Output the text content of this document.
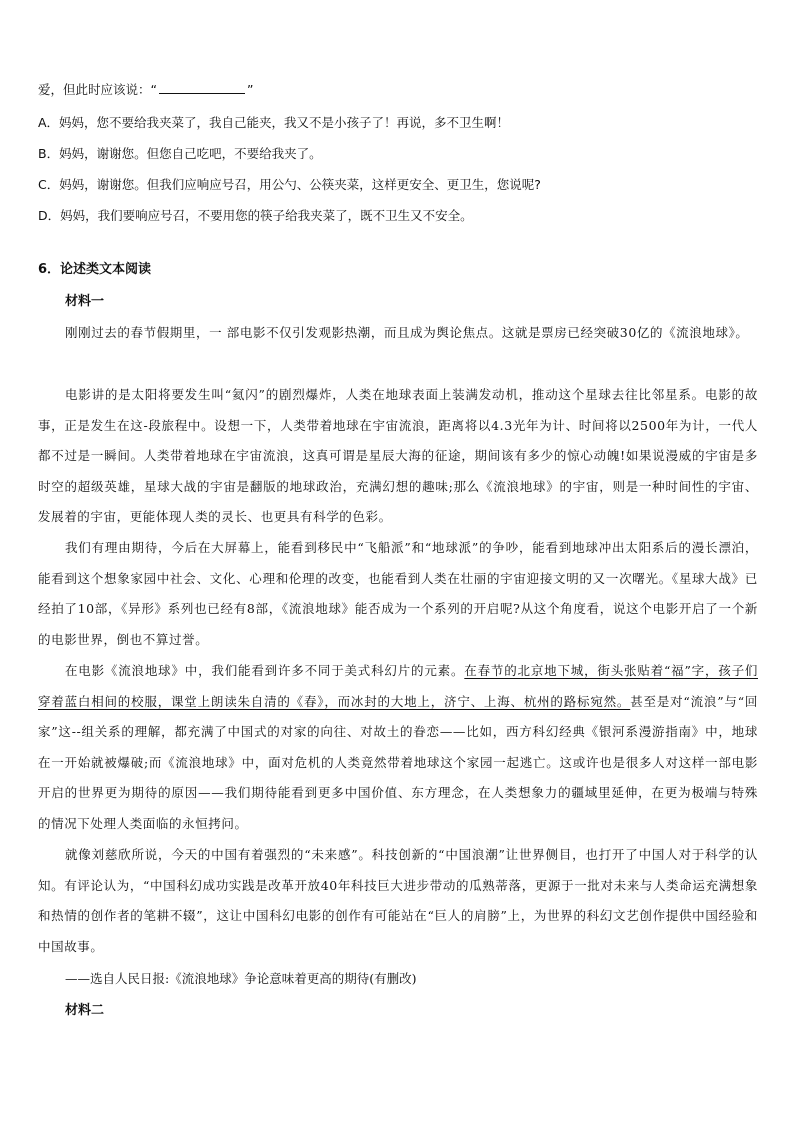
爱，但此时应该说：“	”
A．妈妈，您不要给我夹菜了，我自己能夹，我又不是小孩子了！再说，多不卫生啊！
B．妈妈，谢谢您。但您自己吃吧，不要给我夹了。
C．妈妈，谢谢您。但我们应响应号召，用公勺、公筷夹菜，这样更安全、更卫生，您说呢?
D．妈妈，我们要响应号召，不要用您的筷子给我夹菜了，既不卫生又不安全。
6．论述类文本阅读
材料一
刚刚过去的春节假期里，一 部电影不仅引发观影热潮，而且成为舆论焦点。这就是票房已经突破30亿的《流浪地球》。
电影讲的是太阳将要发生叫“氦闪”的剧烈爆炸，人类在地球表面上装满发动机，推动这个星球去往比邻星系。电影的故事，正是发生在这-段旅程中。设想一下，人类带着地球在宇宙流浪，距离将以4.3光年为计、时间将以2500年为计，一代人都不过是一瞬间。人类带着地球在宇宙流浪，这真可谓是星辰大海的征途，期间该有多少的惊心动魄!如果说漫威的宇宙是多时空的超级英雄，星球大战的宇宙是翻版的地球政治，充满幻想的趣味;那么《流浪地球》的宇宙，则是一种时间性的宇宙、发展着的宇宙，更能体现人类的灵长、也更具有科学的色彩。
我们有理由期待，今后在大屏幕上，能看到移民中“飞船派”和“地球派”的争吵，能看到地球冲出太阳系后的漫长漂泊，能看到这个想象家园中社会、文化、心理和伦理的改变，也能看到人类在壮丽的宇宙迎接文明的又一次曙光。《星球大战》已经拍了10部，《异形》系列也已经有8部，《流浪地球》能否成为一个系列的开启呢?从这个角度看，说这个电影开启了一个新的电影世界，倒也不算过誉。
在电影《流浪地球》中，我们能看到许多不同于美式科幻片的元素。在春节的北京地下城，街头张贴着“福”字，孩子们穿着蓝白相间的校服，课堂上朗读朱自清的《春》，而冰封的大地上，济宁、上海、杭州的路标宛然。甚至是对“流浪”与“回家”这--组关系的理解，都充满了中国式的对家的向往、对故土的眷恋——比如，西方科幻经典《银河系漫游指南》中，地球在一开始就被爆破;而《流浪地球》中，面对危机的人类竟然带着地球这个家园一起逃亡。这或许也是很多人对这样一部电影开启的世界更为期待的原因——我们期待能看到更多中国价值、东方理念，在人类想象力的疆域里延伸，在更为极端与特殊的情况下处理人类面临的永恒拷问。
就像刘慈欣所说，今天的中国有着强烈的“未来感”。科技创新的“中国浪潮”让世界侧目，也打开了中国人对于科学的认知。有评论认为，“中国科幻成功实践是改革开放40年科技巨大进步带动的瓜熟蒂落，更源于一批对未来与人类命运充满想象和热情的创作者的笔耕不辍”，这让中国科幻电影的创作有可能站在“巨人的肩膀”上，为世界的科幻文艺创作提供中国经验和中国故事。
——选自人民日报:《流浪地球》争论意味着更高的期待(有删改)
材料二
